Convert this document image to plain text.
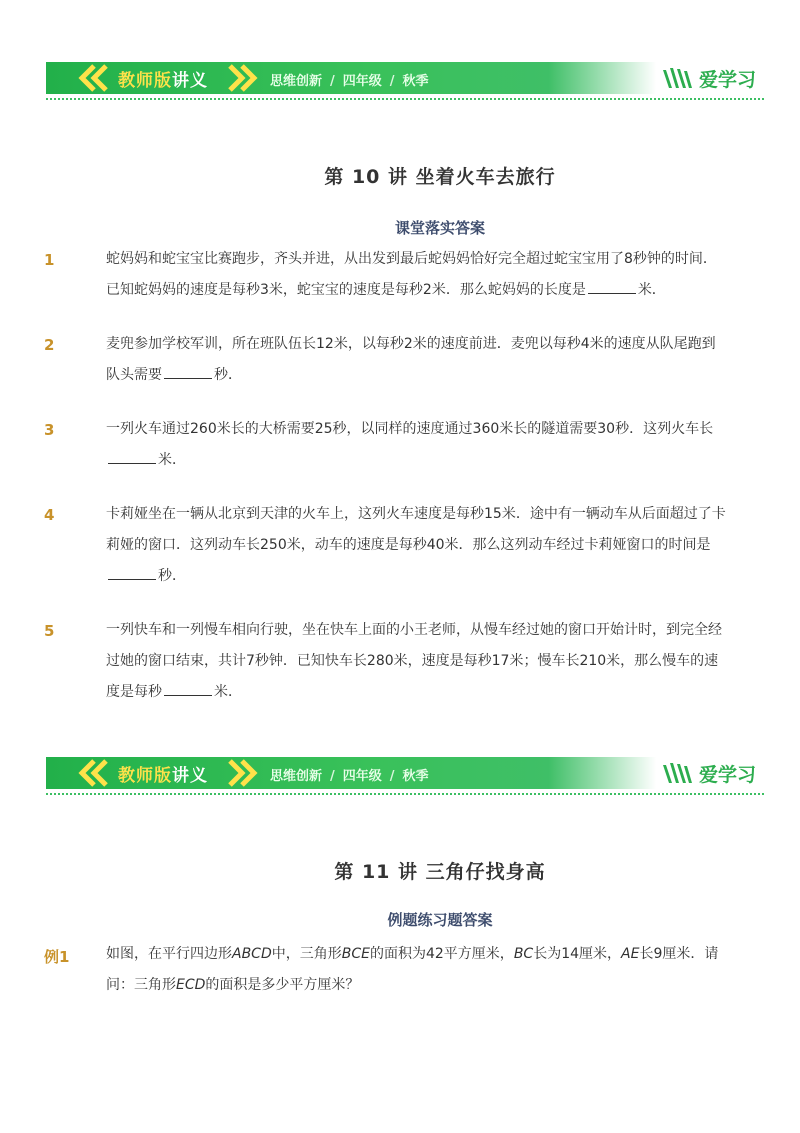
教师版讲义	思维创新 / 四年级 / 秋季	爱学习
第 10 讲 坐着火车去旅行
课堂落实答案
1	蛇妈妈和蛇宝宝比赛跑步，齐头并进，从出发到最后蛇妈妈恰好完全超过蛇宝宝用了8秒钟的时间．已知蛇妈妈的速度是每秒3米，蛇宝宝的速度是每秒2米．那么蛇妈妈的长度是	米．
2	麦兜参加学校军训，所在班队伍长12米，以每秒2米的速度前进．麦兜以每秒4米的速度从队尾跑到队头需要	秒．
3	一列火车通过260米长的大桥需要25秒，以同样的速度通过360米长的隧道需要30秒．这列火车长米．
4	卡莉娅坐在一辆从北京到天津的火车上，这列火车速度是每秒15米．途中有一辆动车从后面超过了卡莉娅的窗口．这列动车长250米，动车的速度是每秒40米．那么这列动车经过卡莉娅窗口的时间是秒．
5	一列快车和一列慢车相向行驶，坐在快车上面的小王老师，从慢车经过她的窗口开始计时，到完全经过她的窗口结束，共计7秒钟．已知快车长280米，速度是每秒17米；慢车长210米，那么慢车的速度是每秒	米．
教师版讲义	思维创新 / 四年级 / 秋季	爱学习
第 11 讲 三角仔找身高
例题练习题答案
例1	如图，在平行四边形ABCD中，三角形BCE的面积为42平方厘米，BC长为14厘米，AE长9厘米．请问：三角形ECD的面积是多少平方厘米？
